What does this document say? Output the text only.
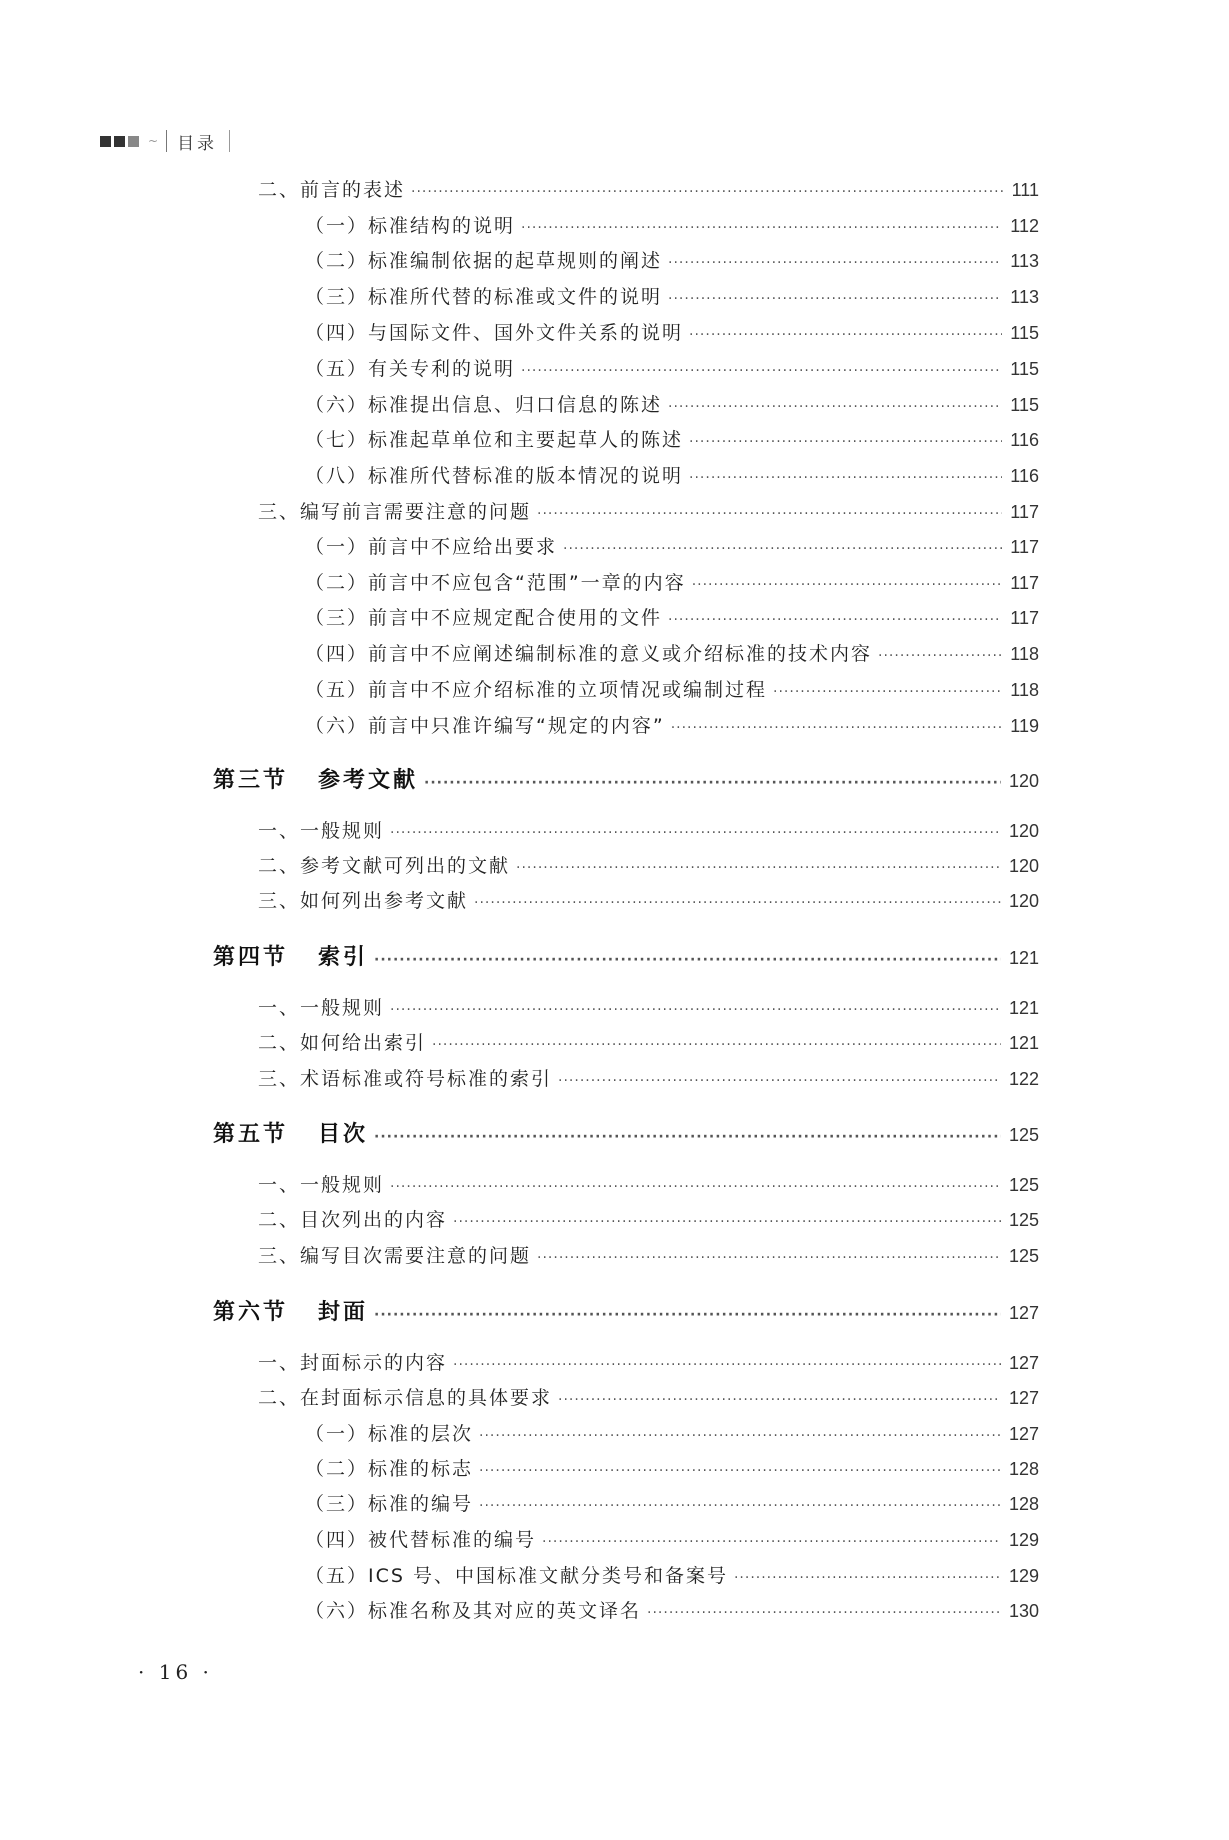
~ 目录
二、前言的表述 ·····	111
（一）标准结构的说明 ·····	112
（二）标准编制依据的起草规则的阐述 ·····	113
（三）标准所代替的标准或文件的说明 ·····	113
（四）与国际文件、国外文件关系的说明 ·····	115
（五）有关专利的说明 ·····	115
（六）标准提出信息、归口信息的陈述 ·····	115
（七）标准起草单位和主要起草人的陈述 ·····	116
（八）标准所代替标准的版本情况的说明 ·····	116
三、编写前言需要注意的问题 ·····	117
（一）前言中不应给出要求 ·····	117
（二）前言中不应包含“范围”一章的内容 ·····	117
（三）前言中不应规定配合使用的文件 ·····	117
（四）前言中不应阐述编制标准的意义或介绍标准的技术内容 ·····	118
（五）前言中不应介绍标准的立项情况或编制过程 ·····	118
（六）前言中只准许编写“规定的内容” ·····	119
第三节 参考文献 ·····	120
一、一般规则 ·····	120
二、参考文献可列出的文献 ·····	120
三、如何列出参考文献 ·····	120
第四节 索引 ·····	121
一、一般规则 ·····	121
二、如何给出索引 ·····	121
三、术语标准或符号标准的索引 ·····	122
第五节 目次 ·····	125
一、一般规则 ·····	125
二、目次列出的内容 ·····	125
三、编写目次需要注意的问题 ·····	125
第六节 封面 ·····	127
一、封面标示的内容 ·····	127
二、在封面标示信息的具体要求 ·····	127
（一）标准的层次 ·····	127
（二）标准的标志 ·····	128
（三）标准的编号 ·····	128
（四）被代替标准的编号 ·····	129
（五）ICS 号、中国标准文献分类号和备案号 ·····	129
（六）标准名称及其对应的英文译名 ·····	130
· 16 ·
